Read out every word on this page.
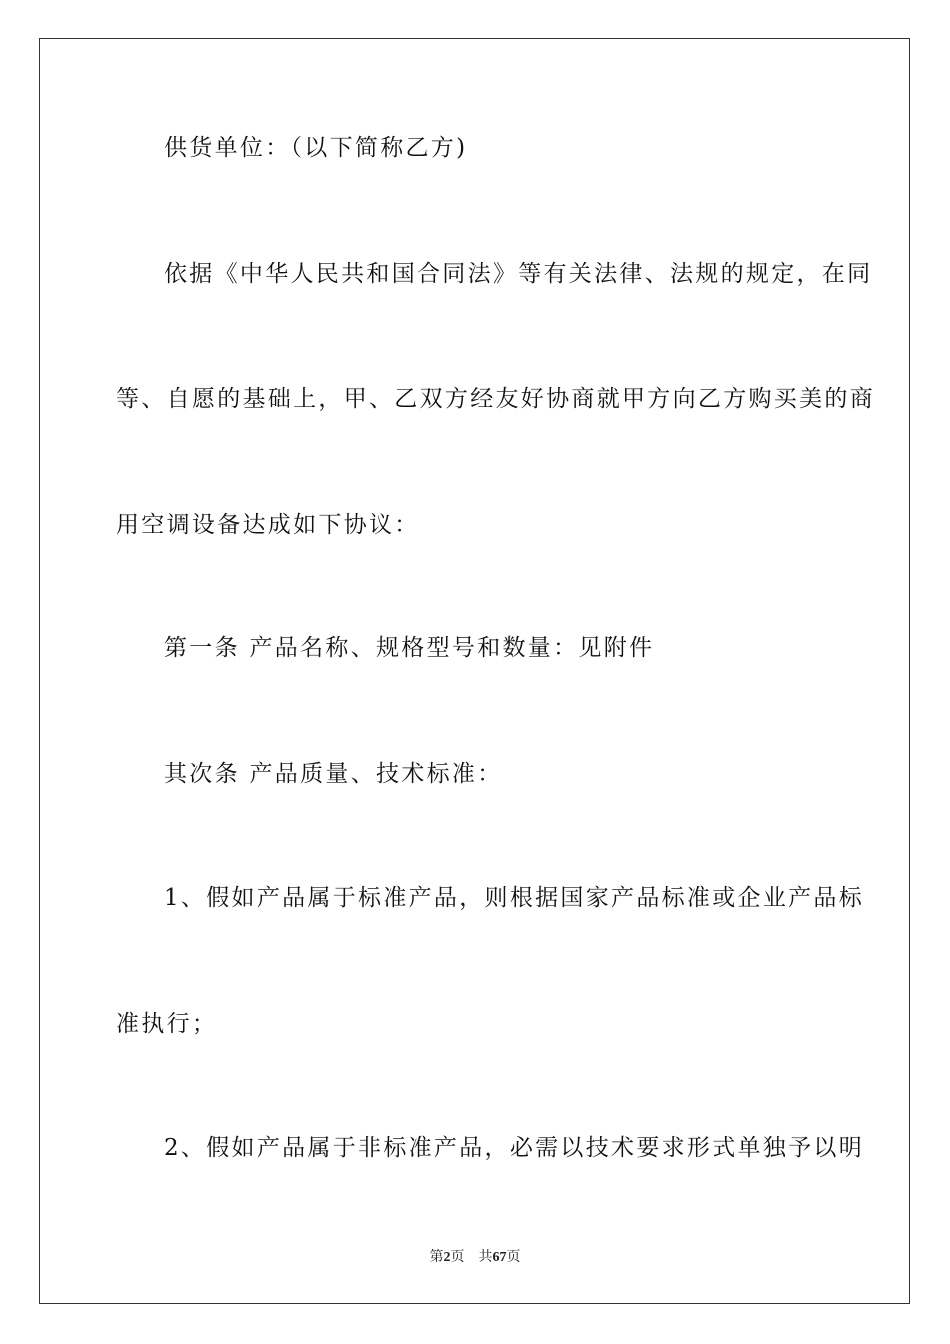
供货单位：（以下简称乙方)
依据《中华人民共和国合同法》等有关法律、法规的规定，在同
等、自愿的基础上，甲、乙双方经友好协商就甲方向乙方购买美的商
用空调设备达成如下协议：
第一条 产品名称、规格型号和数量：见附件
其次条 产品质量、技术标准：
1、假如产品属于标准产品，则根据国家产品标准或企业产品标
准执行；
2、假如产品属于非标准产品，必需以技术要求形式单独予以明
第2页 共67页
